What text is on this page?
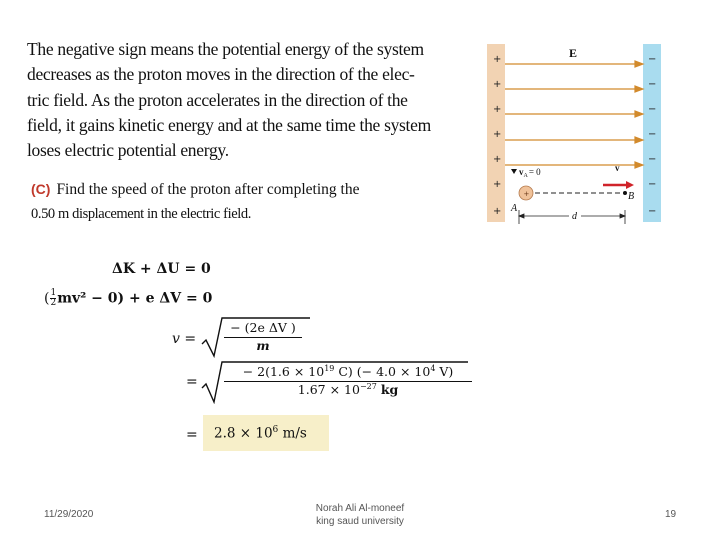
The negative sign means the potential energy of the system
decreases as the proton moves in the direction of the elec-
tric field. As the proton accelerates in the direction of the
field, it gains kinetic energy and at the same time the system
loses electric potential energy.
(C) Find the speed of the proton after completing the
0.50 m displacement in the electric field.
+
+
+
+
+
+
+
−
−
−
−
−
−
−
E
$v_A= 0$	v
+
A
B
d
ΔK + ΔU = 0
( $\frac{1}{2} mv^2 - 0) + e$ ΔV = 0
v =
− (2e ΔV )
m
=
− $2(1.6 \times 10^{19}$ C) (− $4.0 \times 10^4$ V)
$1.67 \times 10^{-27}$ kg
= $2.8 \times 10^6$ m/s
11/29/2020
Norah Ali Al-moneef
king saud university
19
